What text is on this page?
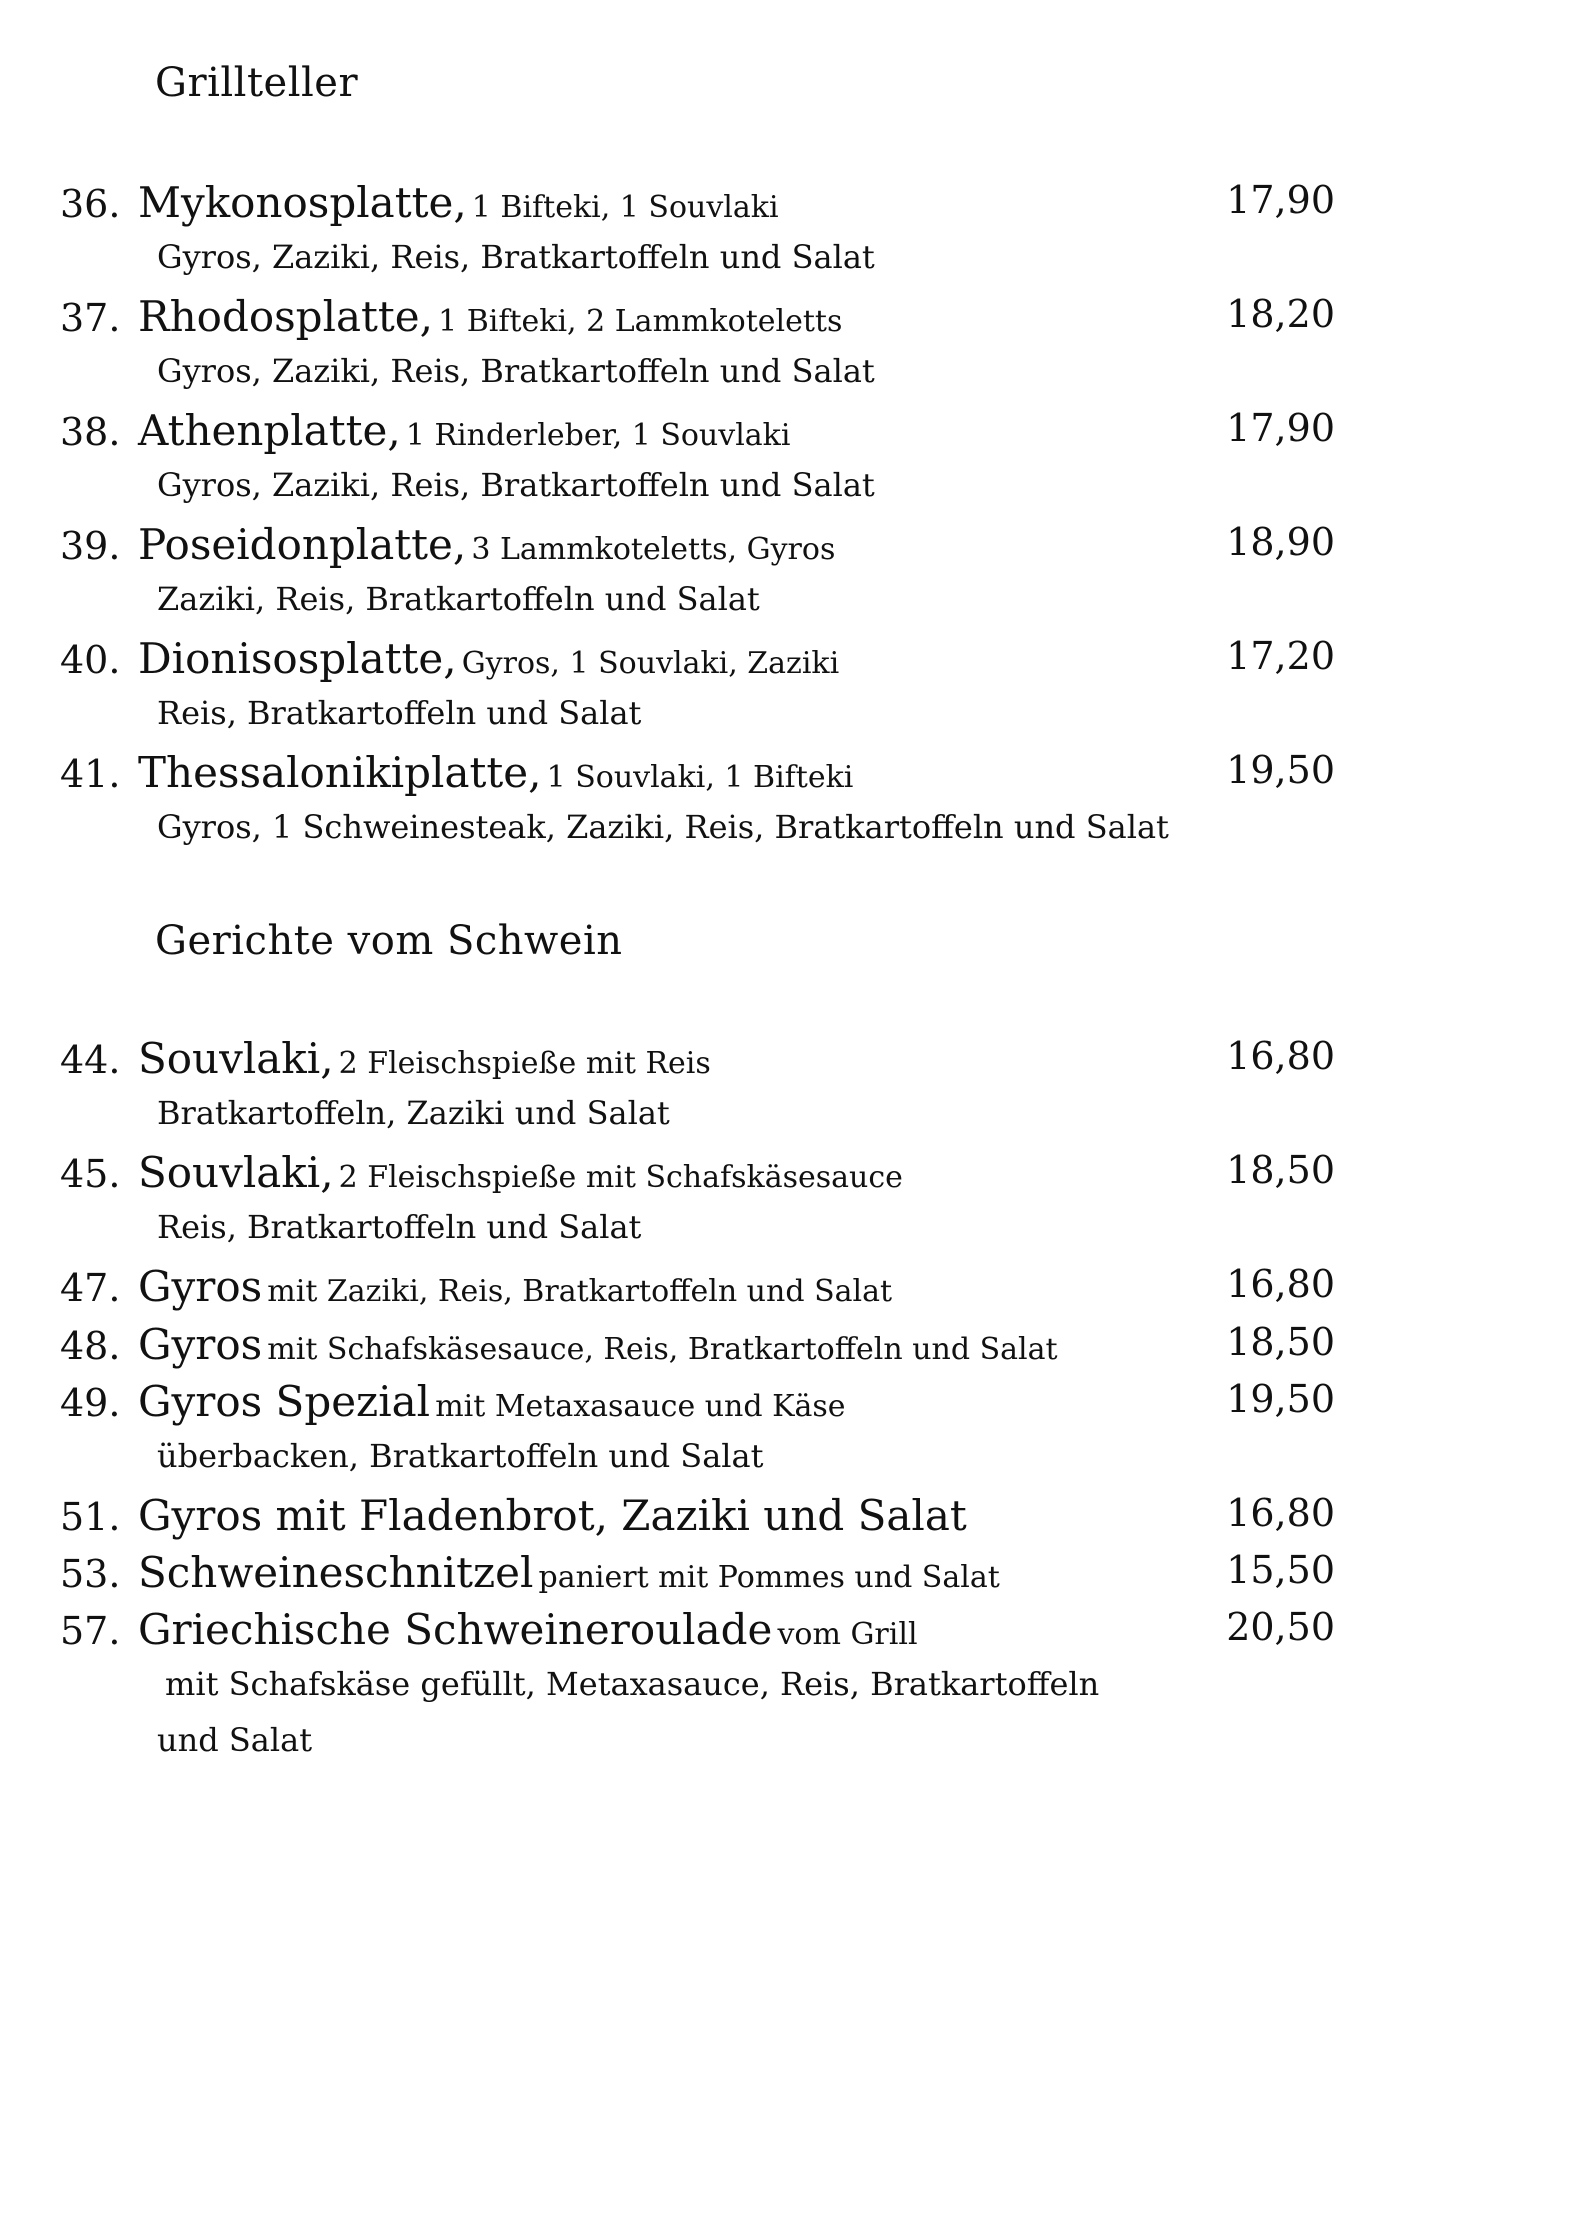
Grillteller
36. Mykonosplatte, 1 Bifteki, 1 Souvlaki	17,90
Gyros, Zaziki, Reis, Bratkartoffeln und Salat
37. Rhodosplatte, 1 Bifteki, 2 Lammkoteletts	18,20
Gyros, Zaziki, Reis, Bratkartoffeln und Salat
38. Athenplatte, 1 Rinderleber, 1 Souvlaki	17,90
Gyros, Zaziki, Reis, Bratkartoffeln und Salat
39. Poseidonplatte, 3 Lammkoteletts, Gyros	18,90
Zaziki, Reis, Bratkartoffeln und Salat
40. Dionisosplatte, Gyros, 1 Souvlaki, Zaziki	17,20
Reis, Bratkartoffeln und Salat
41. Thessalonikiplatte, 1 Souvlaki, 1 Bifteki	19,50
Gyros, 1 Schweinesteak, Zaziki, Reis, Bratkartoffeln und Salat
Gerichte vom Schwein
44. Souvlaki, 2 Fleischspieße mit Reis	16,80
Bratkartoffeln, Zaziki und Salat
45. Souvlaki, 2 Fleischspieße mit Schafskäsesauce	18,50
Reis, Bratkartoffeln und Salat
47. Gyros mit Zaziki, Reis, Bratkartoffeln und Salat	16,80
48. Gyros mit Schafskäsesauce, Reis, Bratkartoffeln und Salat	18,50
49. Gyros Spezial mit Metaxasauce und Käse	19,50
überbacken, Bratkartoffeln und Salat
51. Gyros mit Fladenbrot, Zaziki und Salat	16,80
53. Schweineschnitzel paniert mit Pommes und Salat	15,50
57. Griechische Schweineroulade vom Grill	20,50
mit Schafskäse gefüllt, Metaxasauce, Reis, Bratkartoffeln
und Salat
